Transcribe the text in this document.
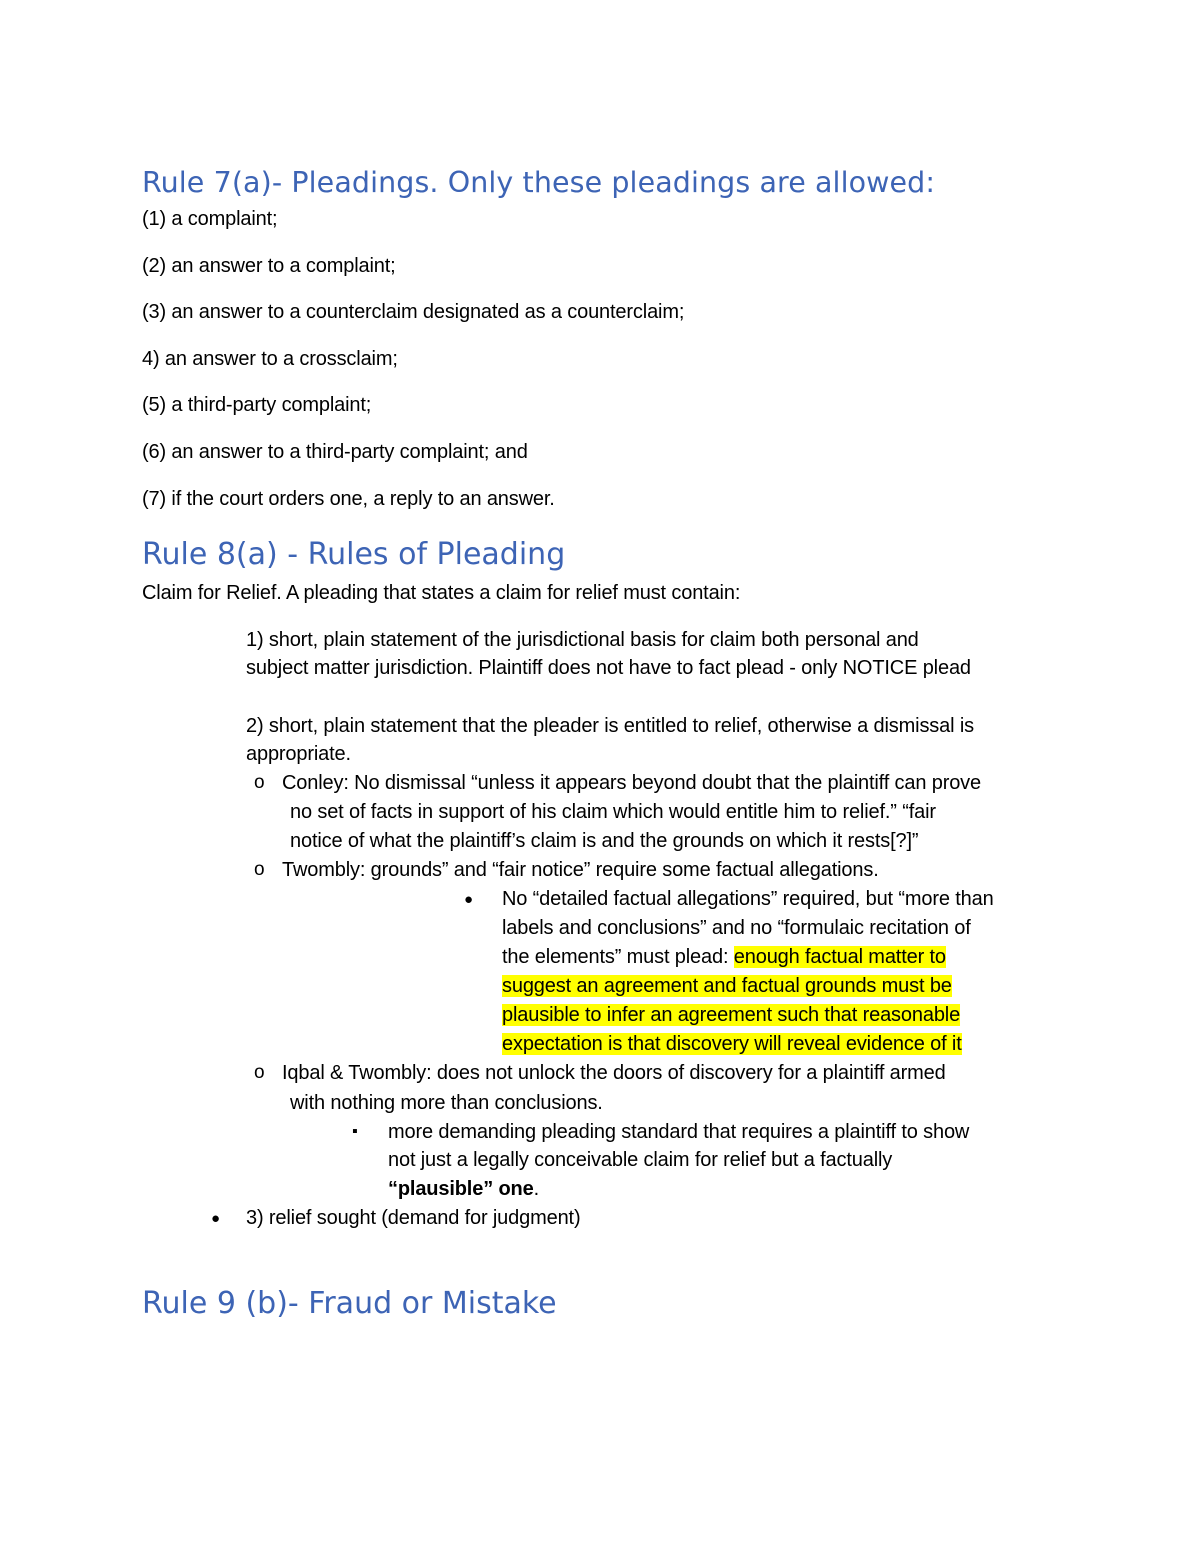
Rule 7(a)- Pleadings. Only these pleadings are allowed:
(1) a complaint;
(2) an answer to a complaint;
(3) an answer to a counterclaim designated as a counterclaim;
4) an answer to a crossclaim;
(5) a third-party complaint;
(6) an answer to a third-party complaint; and
(7) if the court orders one, a reply to an answer.
Rule 8(a) - Rules of Pleading
Claim for Relief. A pleading that states a claim for relief must contain:
1) short, plain statement of the jurisdictional basis for claim both personal and
subject matter jurisdiction. Plaintiff does not have to fact plead - only NOTICE plead
2) short, plain statement that the pleader is entitled to relief, otherwise a dismissal is
appropriate.
o Conley: No dismissal “unless it appears beyond doubt that the plaintiff can prove
no set of facts in support of his claim which would entitle him to relief.” “fair
notice of what the plaintiff’s claim is and the grounds on which it rests[?]”
o Twombly: grounds” and “fair notice” require some factual allegations.
● No “detailed factual allegations” required, but “more than
labels and conclusions” and no “formulaic recitation of
the elements” must plead: enough factual matter to
suggest an agreement and factual grounds must be
plausible to infer an agreement such that reasonable
expectation is that discovery will reveal evidence of it
o Iqbal & Twombly: does not unlock the doors of discovery for a plaintiff armed
with nothing more than conclusions.
▪ more demanding pleading standard that requires a plaintiff to show
not just a legally conceivable claim for relief but a factually
“plausible” one.
● 3) relief sought (demand for judgment)
Rule 9 (b)- Fraud or Mistake
